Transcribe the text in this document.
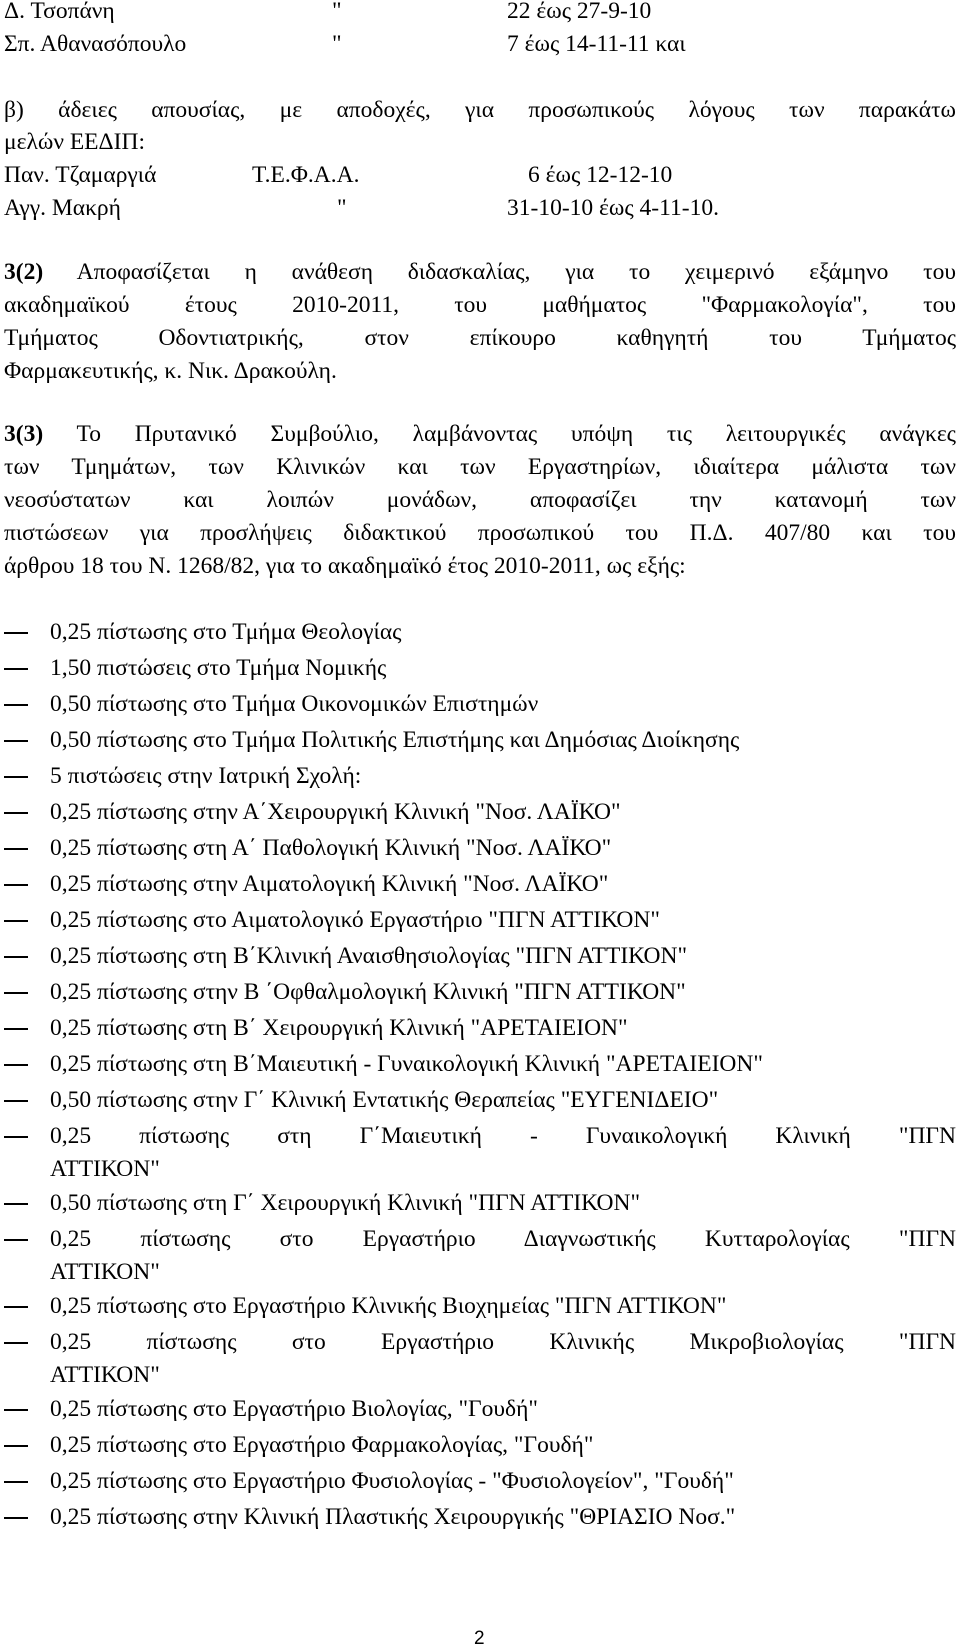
Δ. Τσοπάνη	"	22 έως 27-9-10
Σπ. Αθανασόπουλο	"	7 έως 14-11-11 και
β) άδειες απουσίας, με αποδοχές, για προσωπικούς λόγους των παρακάτω
μελών ΕΕΔΙΠ:
Παν. Τζαμαργιά	Τ.Ε.Φ.Α.Α.	6 έως 12-12-10
Αγγ. Μακρή	"	31-10-10 έως 4-11-10.
3(2) Αποφασίζεται η ανάθεση διδασκαλίας, για το χειμερινό εξάμηνο του
ακαδημαϊκού έτους 2010-2011, του μαθήματος "Φαρμακολογία", του
Τμήματος Οδοντιατρικής, στον επίκουρο καθηγητή του Τμήματος
Φαρμακευτικής, κ. Νικ. Δρακούλη.
3(3) Το Πρυτανικό Συμβούλιο, λαμβάνοντας υπόψη τις λειτουργικές ανάγκες
των Τμημάτων, των Κλινικών και των Εργαστηρίων, ιδιαίτερα μάλιστα των
νεοσύστατων και λοιπών μονάδων, αποφασίζει την κατανομή των
πιστώσεων για προσλήψεις διδακτικού προσωπικού του Π.Δ. 407/80 και του
άρθρου 18 του Ν. 1268/82, για το ακαδημαϊκό έτος 2010-2011, ως εξής:
0,25 πίστωσης στο Τμήμα Θεολογίας
1,50 πιστώσεις στο Τμήμα Νομικής
0,50 πίστωσης στο Τμήμα Οικονομικών Επιστημών
0,50 πίστωσης στο Τμήμα Πολιτικής Επιστήμης και Δημόσιας Διοίκησης
5 πιστώσεις στην Ιατρική Σχολή:
0,25 πίστωσης στην Α΄Χειρουργική Κλινική "Νοσ. ΛΑΪΚΟ"
0,25 πίστωσης στη Α΄ Παθολογική Κλινική "Νοσ. ΛΑΪΚΟ"
0,25 πίστωσης στην Αιματολογική Κλινική "Νοσ. ΛΑΪΚΟ"
0,25 πίστωσης στο Αιματολογικό Εργαστήριο "ΠΓΝ ΑΤΤΙΚΟΝ"
0,25 πίστωσης στη Β΄Κλινική Αναισθησιολογίας "ΠΓΝ ΑΤΤΙΚΟΝ"
0,25 πίστωσης στην Β ΄Οφθαλμολογική Κλινική "ΠΓΝ ΑΤΤΙΚΟΝ"
0,25 πίστωσης στη Β΄ Χειρουργική Κλινική "ΑΡΕΤΑΙΕΙΟΝ"
0,25 πίστωσης στη Β΄Μαιευτική - Γυναικολογική Κλινική "ΑΡΕΤΑΙΕΙΟΝ"
0,50 πίστωσης στην Γ΄ Κλινική Εντατικής Θεραπείας "ΕΥΓΕΝΙΔΕΙΟ"
0,25 πίστωσης στη Γ΄Μαιευτική - Γυναικολογική Κλινική "ΠΓΝ
ΑΤΤΙΚΟΝ"
0,50 πίστωσης στη Γ΄ Χειρουργική Κλινική "ΠΓΝ ΑΤΤΙΚΟΝ"
0,25 πίστωσης στο Εργαστήριο Διαγνωστικής Κυτταρολογίας "ΠΓΝ
ΑΤΤΙΚΟΝ"
0,25 πίστωσης στο Εργαστήριο Κλινικής Βιοχημείας "ΠΓΝ ΑΤΤΙΚΟΝ"
0,25 πίστωσης στο Εργαστήριο Κλινικής Μικροβιολογίας "ΠΓΝ
ΑΤΤΙΚΟΝ"
0,25 πίστωσης στο Εργαστήριο Βιολογίας, "Γουδή"
0,25 πίστωσης στο Εργαστήριο Φαρμακολογίας, "Γουδή"
0,25 πίστωσης στο Εργαστήριο Φυσιολογίας - "Φυσιολογείον", "Γουδή"
0,25 πίστωσης στην Κλινική Πλαστικής Χειρουργικής "ΘΡΙΑΣΙΟ Νοσ."
2
